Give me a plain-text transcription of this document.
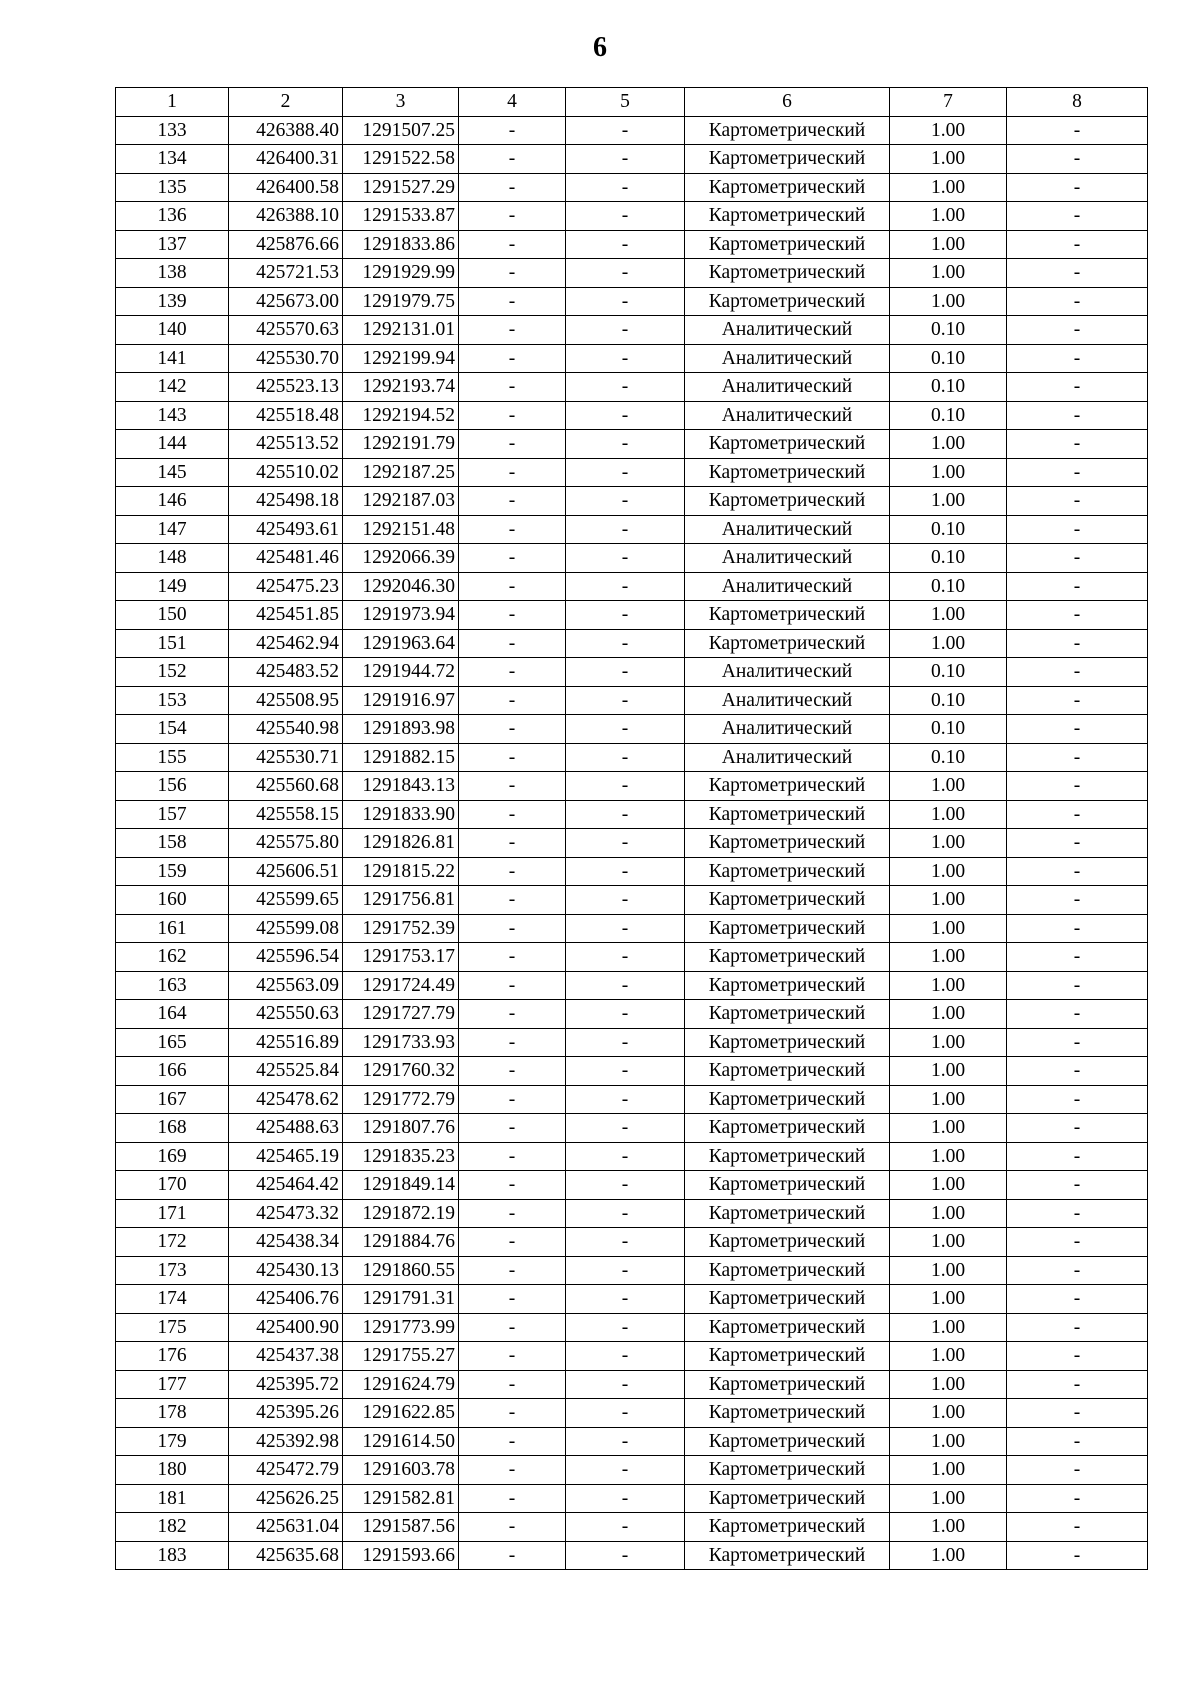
6
1	2	3	4	5	6	7	8
133	426388.40	1291507.25	-	-	Картометрический	1.00	-
134	426400.31	1291522.58	-	-	Картометрический	1.00	-
135	426400.58	1291527.29	-	-	Картометрический	1.00	-
136	426388.10	1291533.87	-	-	Картометрический	1.00	-
137	425876.66	1291833.86	-	-	Картометрический	1.00	-
138	425721.53	1291929.99	-	-	Картометрический	1.00	-
139	425673.00	1291979.75	-	-	Картометрический	1.00	-
140	425570.63	1292131.01	-	-	Аналитический	0.10	-
141	425530.70	1292199.94	-	-	Аналитический	0.10	-
142	425523.13	1292193.74	-	-	Аналитический	0.10	-
143	425518.48	1292194.52	-	-	Аналитический	0.10	-
144	425513.52	1292191.79	-	-	Картометрический	1.00	-
145	425510.02	1292187.25	-	-	Картометрический	1.00	-
146	425498.18	1292187.03	-	-	Картометрический	1.00	-
147	425493.61	1292151.48	-	-	Аналитический	0.10	-
148	425481.46	1292066.39	-	-	Аналитический	0.10	-
149	425475.23	1292046.30	-	-	Аналитический	0.10	-
150	425451.85	1291973.94	-	-	Картометрический	1.00	-
151	425462.94	1291963.64	-	-	Картометрический	1.00	-
152	425483.52	1291944.72	-	-	Аналитический	0.10	-
153	425508.95	1291916.97	-	-	Аналитический	0.10	-
154	425540.98	1291893.98	-	-	Аналитический	0.10	-
155	425530.71	1291882.15	-	-	Аналитический	0.10	-
156	425560.68	1291843.13	-	-	Картометрический	1.00	-
157	425558.15	1291833.90	-	-	Картометрический	1.00	-
158	425575.80	1291826.81	-	-	Картометрический	1.00	-
159	425606.51	1291815.22	-	-	Картометрический	1.00	-
160	425599.65	1291756.81	-	-	Картометрический	1.00	-
161	425599.08	1291752.39	-	-	Картометрический	1.00	-
162	425596.54	1291753.17	-	-	Картометрический	1.00	-
163	425563.09	1291724.49	-	-	Картометрический	1.00	-
164	425550.63	1291727.79	-	-	Картометрический	1.00	-
165	425516.89	1291733.93	-	-	Картометрический	1.00	-
166	425525.84	1291760.32	-	-	Картометрический	1.00	-
167	425478.62	1291772.79	-	-	Картометрический	1.00	-
168	425488.63	1291807.76	-	-	Картометрический	1.00	-
169	425465.19	1291835.23	-	-	Картометрический	1.00	-
170	425464.42	1291849.14	-	-	Картометрический	1.00	-
171	425473.32	1291872.19	-	-	Картометрический	1.00	-
172	425438.34	1291884.76	-	-	Картометрический	1.00	-
173	425430.13	1291860.55	-	-	Картометрический	1.00	-
174	425406.76	1291791.31	-	-	Картометрический	1.00	-
175	425400.90	1291773.99	-	-	Картометрический	1.00	-
176	425437.38	1291755.27	-	-	Картометрический	1.00	-
177	425395.72	1291624.79	-	-	Картометрический	1.00	-
178	425395.26	1291622.85	-	-	Картометрический	1.00	-
179	425392.98	1291614.50	-	-	Картометрический	1.00	-
180	425472.79	1291603.78	-	-	Картометрический	1.00	-
181	425626.25	1291582.81	-	-	Картометрический	1.00	-
182	425631.04	1291587.56	-	-	Картометрический	1.00	-
183	425635.68	1291593.66	-	-	Картометрический	1.00	-
